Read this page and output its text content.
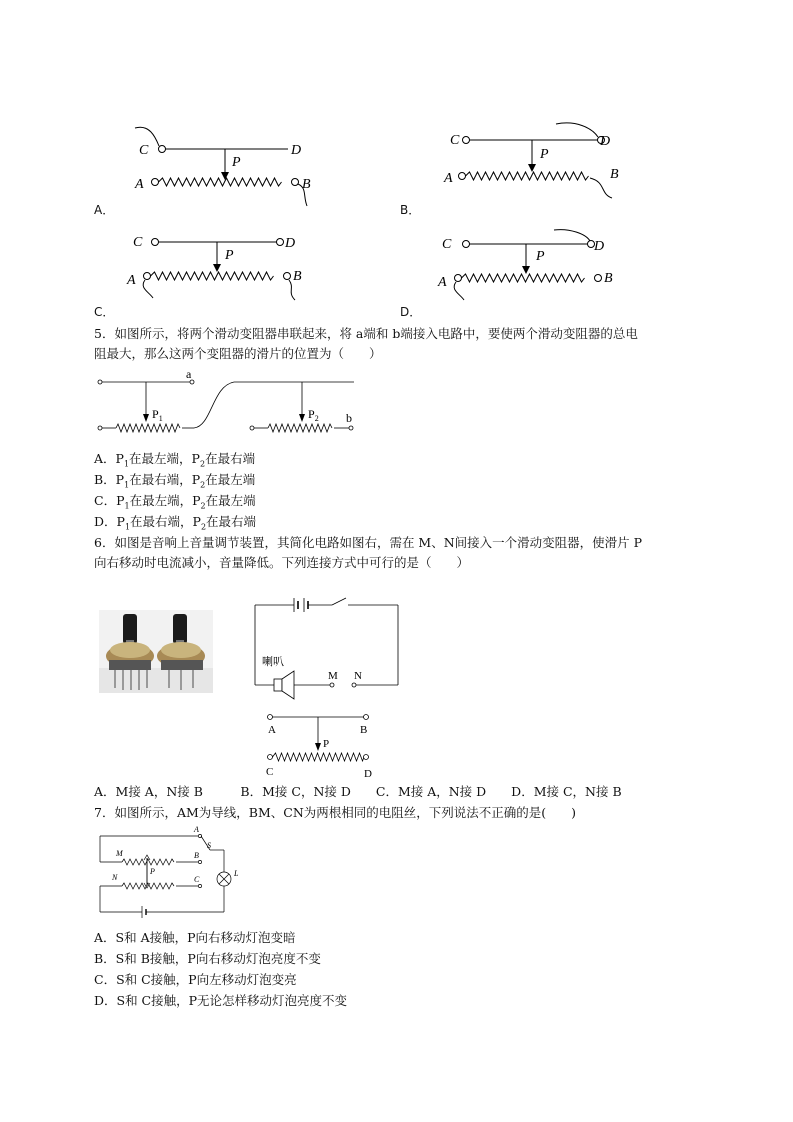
C	D
P
A	B
A．
C	D
P
A	B
B．
C	D
P
A	B
C．
C	D
P
A	B
D．
5．如图所示，将两个滑动变阻器串联起来，将 a端和 b端接入电路中，要使两个滑动变阻器的总电
阻最大，那么这两个变阻器的滑片的位置为（　　）
a
$P_1$	$P_2$ b
A．$P_1$在最左端，$P_2$在最右端
B．$P_1$在最右端，$P_2$在最左端
C．$P_1$在最左端，$P_2$在最左端
D．$P_1$在最右端，$P_2$在最右端
6．如图是音响上音量调节装置，其简化电路如图右，需在 M、N间接入一个滑动变阻器，使滑片 P
向右移动时电流减小，音量降低。下列连接方式中可行的是（　　）
喇叭
M N
A	B
P
C	D
A．M接 A，N接 B　　　B．M接 C，N接 D　　C．M接 A，N接 D　　D．M接 C，N接 B
7．如图所示，AM为导线，BM、CN为两根相同的电阻丝，下列说法不正确的是(　　)
A
M	B
S
L
P
N	C
A．S和 A接触，P向右移动灯泡变暗
B．S和 B接触，P向右移动灯泡亮度不变
C．S和 C接触，P向左移动灯泡变亮
D．S和 C接触，P无论怎样移动灯泡亮度不变
